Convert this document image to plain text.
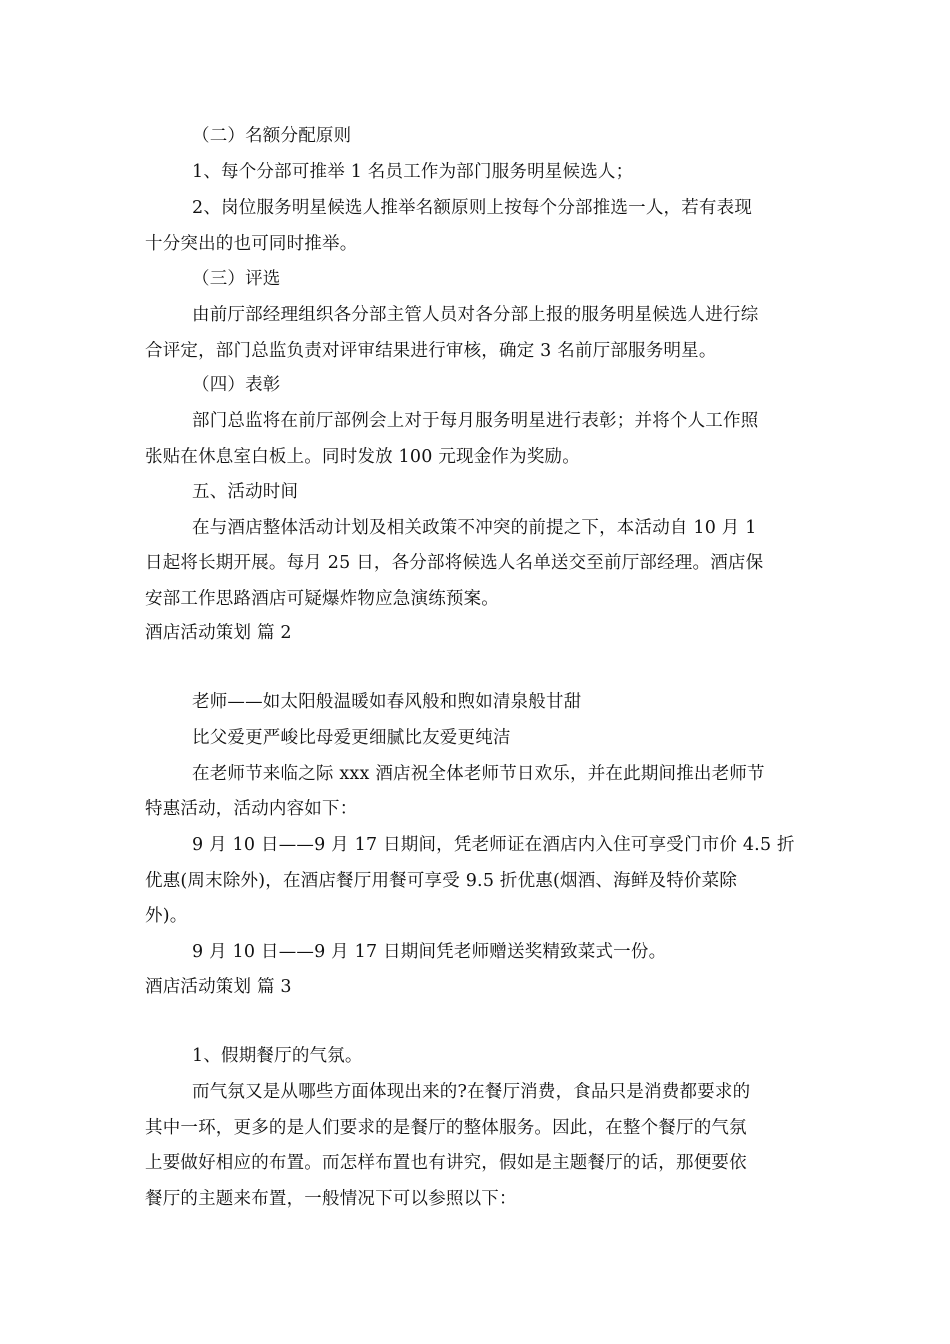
（二）名额分配原则
1、每个分部可推举 1 名员工作为部门服务明星候选人；
2、岗位服务明星候选人推举名额原则上按每个分部推选一人，若有表现
十分突出的也可同时推举。
（三）评选
由前厅部经理组织各分部主管人员对各分部上报的服务明星候选人进行综
合评定，部门总监负责对评审结果进行审核，确定 3 名前厅部服务明星。
（四）表彰
部门总监将在前厅部例会上对于每月服务明星进行表彰；并将个人工作照
张贴在休息室白板上。同时发放 100 元现金作为奖励。
五、活动时间
在与酒店整体活动计划及相关政策不冲突的前提之下，本活动自 10 月 1
日起将长期开展。每月 25 日，各分部将候选人名单送交至前厅部经理。酒店保
安部工作思路酒店可疑爆炸物应急演练预案。
酒店活动策划 篇 2
老师——如太阳般温暖如春风般和煦如清泉般甘甜
比父爱更严峻比母爱更细腻比友爱更纯洁
在老师节来临之际 xxx 酒店祝全体老师节日欢乐，并在此期间推出老师节
特惠活动，活动内容如下：
9 月 10 日——9 月 17 日期间，凭老师证在酒店内入住可享受门市价 4.5 折
优惠(周末除外)，在酒店餐厅用餐可享受 9.5 折优惠(烟酒、海鲜及特价菜除
外)。
9 月 10 日——9 月 17 日期间凭老师赠送奖精致菜式一份。
酒店活动策划 篇 3
1、假期餐厅的气氛。
而气氛又是从哪些方面体现出来的?在餐厅消费，食品只是消费都要求的
其中一环，更多的是人们要求的是餐厅的整体服务。因此，在整个餐厅的气氛
上要做好相应的布置。而怎样布置也有讲究，假如是主题餐厅的话，那便要依
餐厅的主题来布置，一般情况下可以参照以下：
